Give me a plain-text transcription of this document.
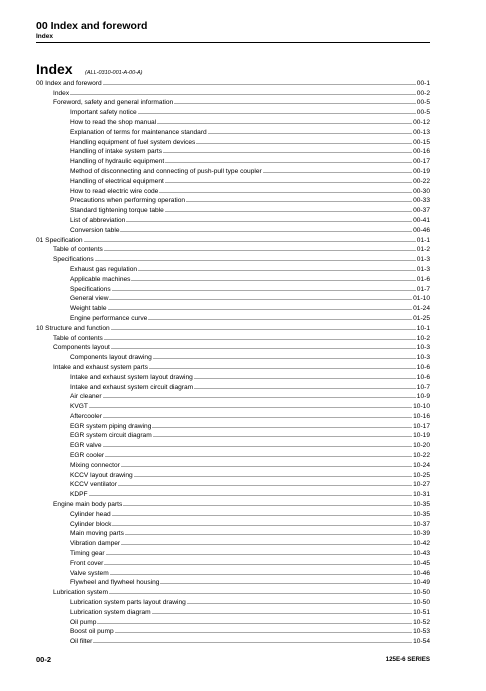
00 Index and foreword
Index
Index (ALL-0310-001-A-00-A)
00 Index and foreword	00-1
Index	00-2
Foreword, safety and general information	00-5
Important safety notice	00-5
How to read the shop manual	00-12
Explanation of terms for maintenance standard	00-13
Handling equipment of fuel system devices	00-15
Handling of intake system parts	00-16
Handling of hydraulic equipment	00-17
Method of disconnecting and connecting of push-pull type coupler	00-19
Handling of electrical equipment	00-22
How to read electric wire code	00-30
Precautions when performing operation	00-33
Standard tightening torque table	00-37
List of abbreviation	00-41
Conversion table	00-46
01 Specification	01-1
Table of contents	01-2
Specifications	01-3
Exhaust gas regulation	01-3
Applicable machines	01-6
Specifications	01-7
General view	01-10
Weight table	01-24
Engine performance curve	01-25
10 Structure and function	10-1
Table of contents	10-2
Components layout	10-3
Components layout drawing	10-3
Intake and exhaust system parts	10-6
Intake and exhaust system layout drawing	10-6
Intake and exhaust system circuit diagram	10-7
Air cleaner	10-9
KVGT	10-10
Aftercooler	10-16
EGR system piping drawing	10-17
EGR system circuit diagram	10-19
EGR valve	10-20
EGR cooler	10-22
Mixing connector	10-24
KCCV layout drawing	10-25
KCCV ventilator	10-27
KDPF	10-31
Engine main body parts	10-35
Cylinder head	10-35
Cylinder block	10-37
Main moving parts	10-39
Vibration damper	10-42
Timing gear	10-43
Front cover	10-45
Valve system	10-46
Flywheel and flywheel housing	10-49
Lubrication system	10-50
Lubrication system parts layout drawing	10-50
Lubrication system diagram	10-51
Oil pump	10-52
Boost oil pump	10-53
Oil filter	10-54
00-2	125E-6 SERIES
